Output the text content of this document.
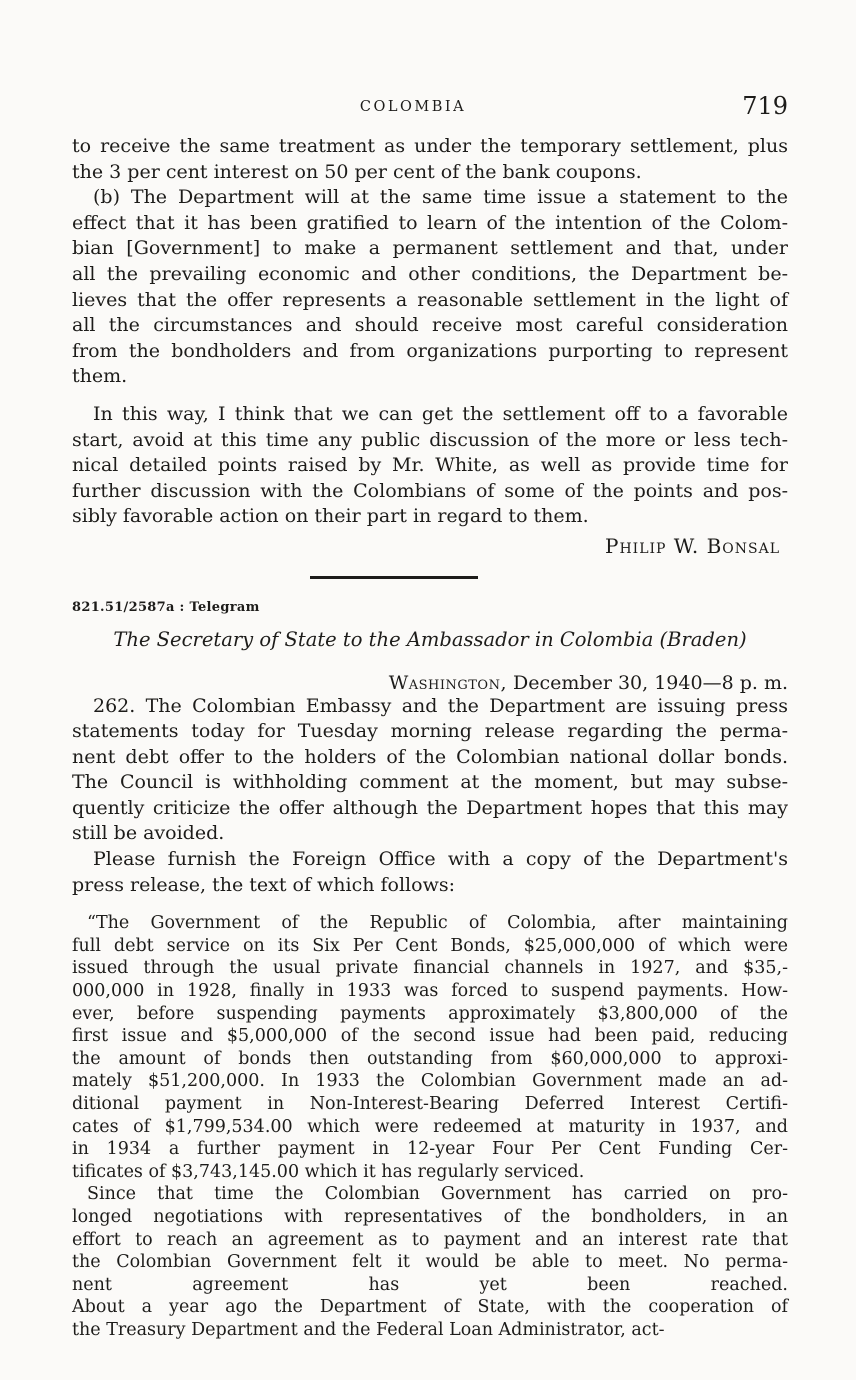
COLOMBIA	719
to receive the same treatment as under the temporary settlement, plus
the 3 per cent interest on 50 per cent of the bank coupons.
(b) The Department will at the same time issue a statement to the
effect that it has been gratified to learn of the intention of the Colom-
bian [Government] to make a permanent settlement and that, under
all the prevailing economic and other conditions, the Department be-
lieves that the offer represents a reasonable settlement in the light of
all the circumstances and should receive most careful consideration
from the bondholders and from organizations purporting to represent
them.
In this way, I think that we can get the settlement off to a favorable
start, avoid at this time any public discussion of the more or less tech-
nical detailed points raised by Mr. White, as well as provide time for
further discussion with the Colombians of some of the points and pos-
sibly favorable action on their part in regard to them.
Philip W. Bonsal
821.51/2587a : Telegram
The Secretary of State to the Ambassador in Colombia (Braden)
Washington, December 30, 1940—8 p. m.
262. The Colombian Embassy and the Department are issuing press
statements today for Tuesday morning release regarding the perma-
nent debt offer to the holders of the Colombian national dollar bonds.
The Council is withholding comment at the moment, but may subse-
quently criticize the offer although the Department hopes that this may
still be avoided.
Please furnish the Foreign Office with a copy of the Department's
press release, the text of which follows:
“The Government of the Republic of Colombia, after maintaining
full debt service on its Six Per Cent Bonds, $25,000,000 of which were
issued through the usual private financial channels in 1927, and $35,-
000,000 in 1928, finally in 1933 was forced to suspend payments. How-
ever, before suspending payments approximately $3,800,000 of the
first issue and $5,000,000 of the second issue had been paid, reducing
the amount of bonds then outstanding from $60,000,000 to approxi-
mately $51,200,000. In 1933 the Colombian Government made an ad-
ditional payment in Non-Interest-Bearing Deferred Interest Certifi-
cates of $1,799,534.00 which were redeemed at maturity in 1937, and
in 1934 a further payment in 12-year Four Per Cent Funding Cer-
tificates of $3,743,145.00 which it has regularly serviced.
Since that time the Colombian Government has carried on pro-
longed negotiations with representatives of the bondholders, in an
effort to reach an agreement as to payment and an interest rate that
the Colombian Government felt it would be able to meet. No perma-
nent agreement has yet been reached.
About a year ago the Department of State, with the cooperation of
the Treasury Department and the Federal Loan Administrator, act-
